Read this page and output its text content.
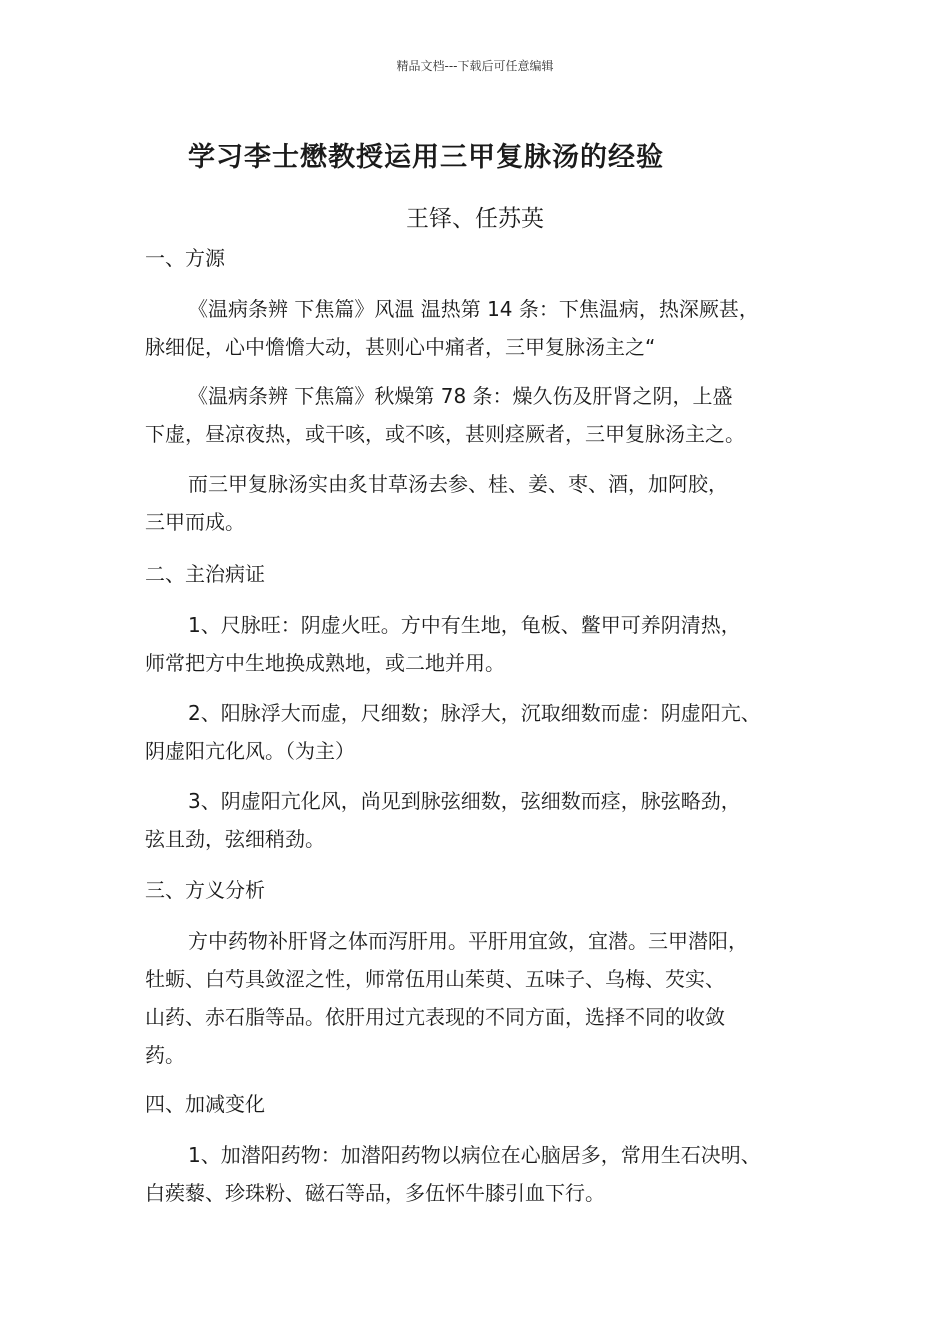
精品文档---下载后可任意编辑
学习李士懋教授运用三甲复脉汤的经验
王铎、任苏英
一、方源
《温病条辨 下焦篇》风温 温热第 14 条：下焦温病，热深厥甚，
脉细促，心中憺憺大动，甚则心中痛者，三甲复脉汤主之“
《温病条辨 下焦篇》秋燥第 78 条：燥久伤及肝肾之阴，上盛
下虚，昼凉夜热，或干咳，或不咳，甚则痉厥者，三甲复脉汤主之。
而三甲复脉汤实由炙甘草汤去参、桂、姜、枣、酒，加阿胶，
三甲而成。
二、主治病证
1、尺脉旺：阴虚火旺。方中有生地，龟板、鳖甲可养阴清热，
师常把方中生地换成熟地，或二地并用。
2、阳脉浮大而虚，尺细数；脉浮大，沉取细数而虚：阴虚阳亢、
阴虚阳亢化风。（为主）
3、阴虚阳亢化风，尚见到脉弦细数，弦细数而痉，脉弦略劲，
弦且劲，弦细稍劲。
三、方义分析
方中药物补肝肾之体而泻肝用。平肝用宜敛，宜潜。三甲潜阳，
牡蛎、白芍具敛涩之性，师常伍用山茱萸、五味子、乌梅、芡实、
山药、赤石脂等品。依肝用过亢表现的不同方面，选择不同的收敛
药。
四、加减变化
1、加潜阳药物：加潜阳药物以病位在心脑居多，常用生石决明、
白蒺藜、珍珠粉、磁石等品，多伍怀牛膝引血下行。
